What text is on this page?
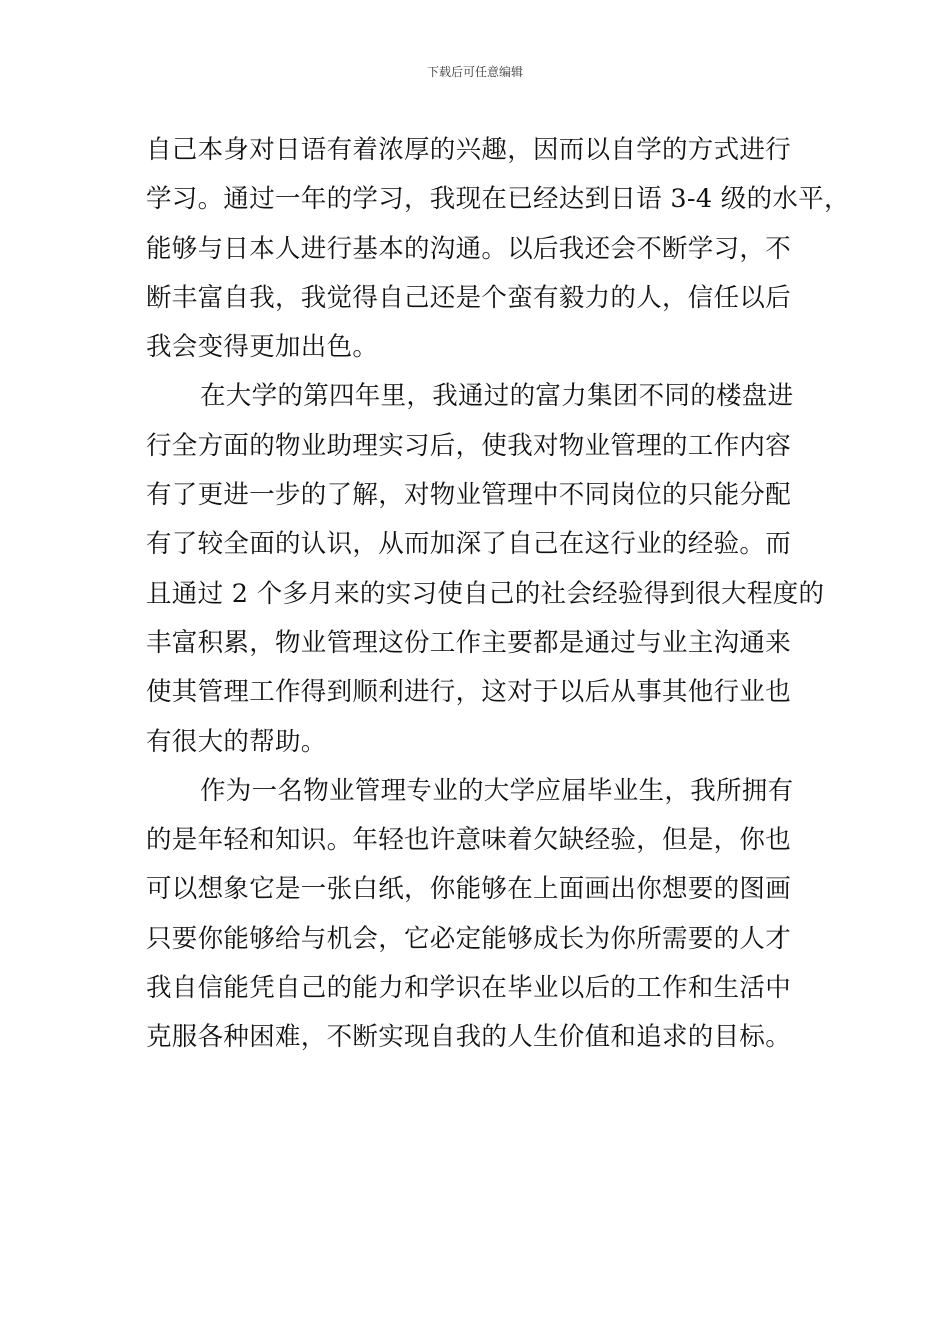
下载后可任意编辑
自己本身对日语有着浓厚的兴趣，因而以自学的方式进行
学习。通过一年的学习，我现在已经达到日语 3-4 级的水平，
能够与日本人进行基本的沟通。以后我还会不断学习，不
断丰富自我，我觉得自己还是个蛮有毅力的人，信任以后
我会变得更加出色。
在大学的第四年里，我通过的富力集团不同的楼盘进
行全方面的物业助理实习后，使我对物业管理的工作内容
有了更进一步的了解，对物业管理中不同岗位的只能分配
有了较全面的认识，从而加深了自己在这行业的经验。而
且通过 2 个多月来的实习使自己的社会经验得到很大程度的
丰富积累，物业管理这份工作主要都是通过与业主沟通来
使其管理工作得到顺利进行，这对于以后从事其他行业也
有很大的帮助。
作为一名物业管理专业的大学应届毕业生，我所拥有
的是年轻和知识。年轻也许意味着欠缺经验，但是，你也
可以想象它是一张白纸，你能够在上面画出你想要的图画
只要你能够给与机会，它必定能够成长为你所需要的人才
我自信能凭自己的能力和学识在毕业以后的工作和生活中
克服各种困难，不断实现自我的人生价值和追求的目标。
